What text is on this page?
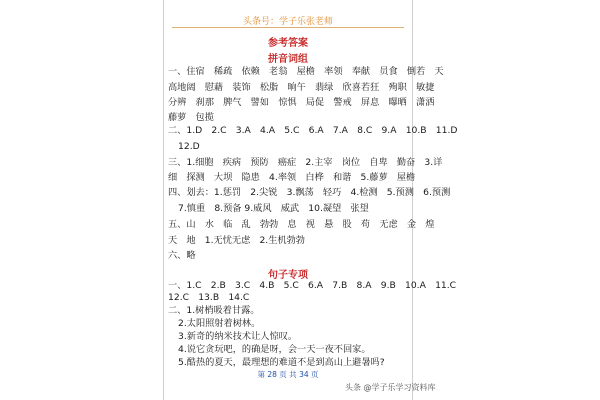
头条号：学子乐张老师
参考答案
拼音词组
一、住宿　稀疏　依赖　老翁　屋檐　率领　奉献　员食　倒若　天
高地阔　慰藉　装饰　松脂　晌午　翡绿　欣喜若狂　殉职　敏捷
分辨　刹那　脾气　譬如　惊惧　局促　警戒　屏息　曝晒　潇洒
藤萝　包揽
二、1.D　2.C　3.A　4.A　5.C　6.A　7.A　8.C　9.A　10.B　11.D
12.D
三、1.细胞　疾病　预防　癌症　2.主宰　岗位　自卑　勤奋　3.详
细　探测　大坝　隐患　4.率领　白桦　和谐　5.藤萝　屋檐
四、划去：1.惩罚　2.尖锐　3.飘荡　轻巧　4.检测　5.预测　6.预测
7.慎重　8.预备 9.威风　威武　10.凝望　张望
五、山　水　临　乱　勃勃　息　视　悬　股　苟　无虑　金　煌
天　地　1.无忧无虑　2.生机勃勃
六、略
句子专项
一、1.C　2.B　3.C　4.B　5.C　6.A　7.B　8.A　9.B　10.A　11.C
12.C　13.B　14.C
二、1.树梢吸着甘露。
2.太阳照射着树林。
3.新奇的纳米技术让人惊叹。
4.说它贪玩吧，的确是呀，会一天一夜不回家。
5.酷热的夏天，最理想的难道不是到高山上避暑吗?
第 28 页 共 34 页
头条 @学子乐学习资料库
